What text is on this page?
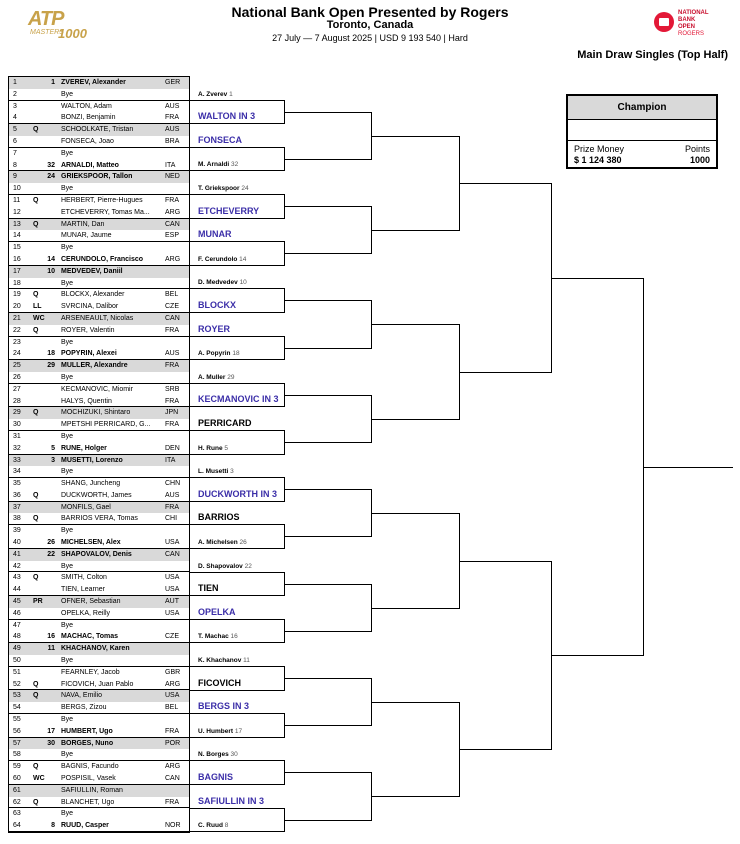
ATP
MASTERS
1000
National Bank Open Presented by Rogers
Toronto, Canada
27 July — 7 August 2025 | USD 9 193 540 | Hard
NATIONAL
BANK
OPEN
ROGERS
Main Draw Singles (Top Half)
1	1 ZVEREV, Alexander	GER
2	Bye
3	WALTON, Adam	AUS
4	BONZI, Benjamin	FRA
5 Q	SCHOOLKATE, Tristan	AUS
6	FONSECA, Joao	BRA
7	Bye
8	32 ARNALDI, Matteo	ITA
9	24 GRIEKSPOOR, Tallon	NED
10	Bye
11 Q	HERBERT, Pierre-Hugues	FRA
12	ETCHEVERRY, Tomas Ma...	ARG
13 Q	MARTIN, Dan	CAN
14	MUNAR, Jaume	ESP
15	Bye
16	14 CERUNDOLO, Francisco	ARG
17	10 MEDVEDEV, Daniil
18	Bye
19 Q	BLOCKX, Alexander	BEL
20 LL	SVRCINA, Dalibor	CZE
21 WC ARSENEAULT, Nicolas	CAN
22 Q	ROYER, Valentin	FRA
23	Bye
24	18 POPYRIN, Alexei	AUS
25	29 MULLER, Alexandre	FRA
26	Bye
27	KECMANOVIC, Miomir	SRB
28	HALYS, Quentin	FRA
29 Q	MOCHIZUKI, Shintaro	JPN
30	MPETSHI PERRICARD, G...	FRA
31	Bye
32	5 RUNE, Holger	DEN
33	3 MUSETTI, Lorenzo	ITA
34	Bye
35	SHANG, Juncheng	CHN
36 Q	DUCKWORTH, James	AUS
37	MONFILS, Gael	FRA
38 Q	BARRIOS VERA, Tomas	CHI
39	Bye
40	26 MICHELSEN, Alex	USA
41	22 SHAPOVALOV, Denis	CAN
42	Bye
43 Q	SMITH, Colton	USA
44	TIEN, Learner	USA
45 PR	OFNER, Sebastian	AUT
46	OPELKA, Reilly	USA
47	Bye
48	16 MACHAC, Tomas	CZE
49	11 KHACHANOV, Karen
50	Bye
51	FEARNLEY, Jacob	GBR
52 Q	FICOVICH, Juan Pablo	ARG
53 Q	NAVA, Emilio	USA
54	BERGS, Zizou	BEL
55	Bye
56	17 HUMBERT, Ugo	FRA
57	30 BORGES, Nuno	POR
58	Bye
59 Q	BAGNIS, Facundo	ARG
60 WC POSPISIL, Vasek	CAN
61	SAFIULLIN, Roman
62 Q	BLANCHET, Ugo	FRA
63	Bye
64	8 RUUD, Casper	NOR
A. Zverev 1
WALTON IN 3
FONSECA
M. Arnaldi 32
T. Griekspoor 24
ETCHEVERRY
MUNAR
F. Cerundolo 14
D. Medvedev 10
BLOCKX
ROYER
A. Popyrin 18
A. Muller 29
KECMANOVIC IN 3
PERRICARD
H. Rune 5
L. Musetti 3
DUCKWORTH IN 3
BARRIOS
A. Michelsen 26
D. Shapovalov 22
TIEN
OPELKA
T. Machac 16
K. Khachanov 11
FICOVICH
BERGS IN 3
U. Humbert 17
N. Borges 30
BAGNIS
SAFIULLIN IN 3
C. Ruud 8
Champion
Prize Money
$ 1 124 380
Points
1000
